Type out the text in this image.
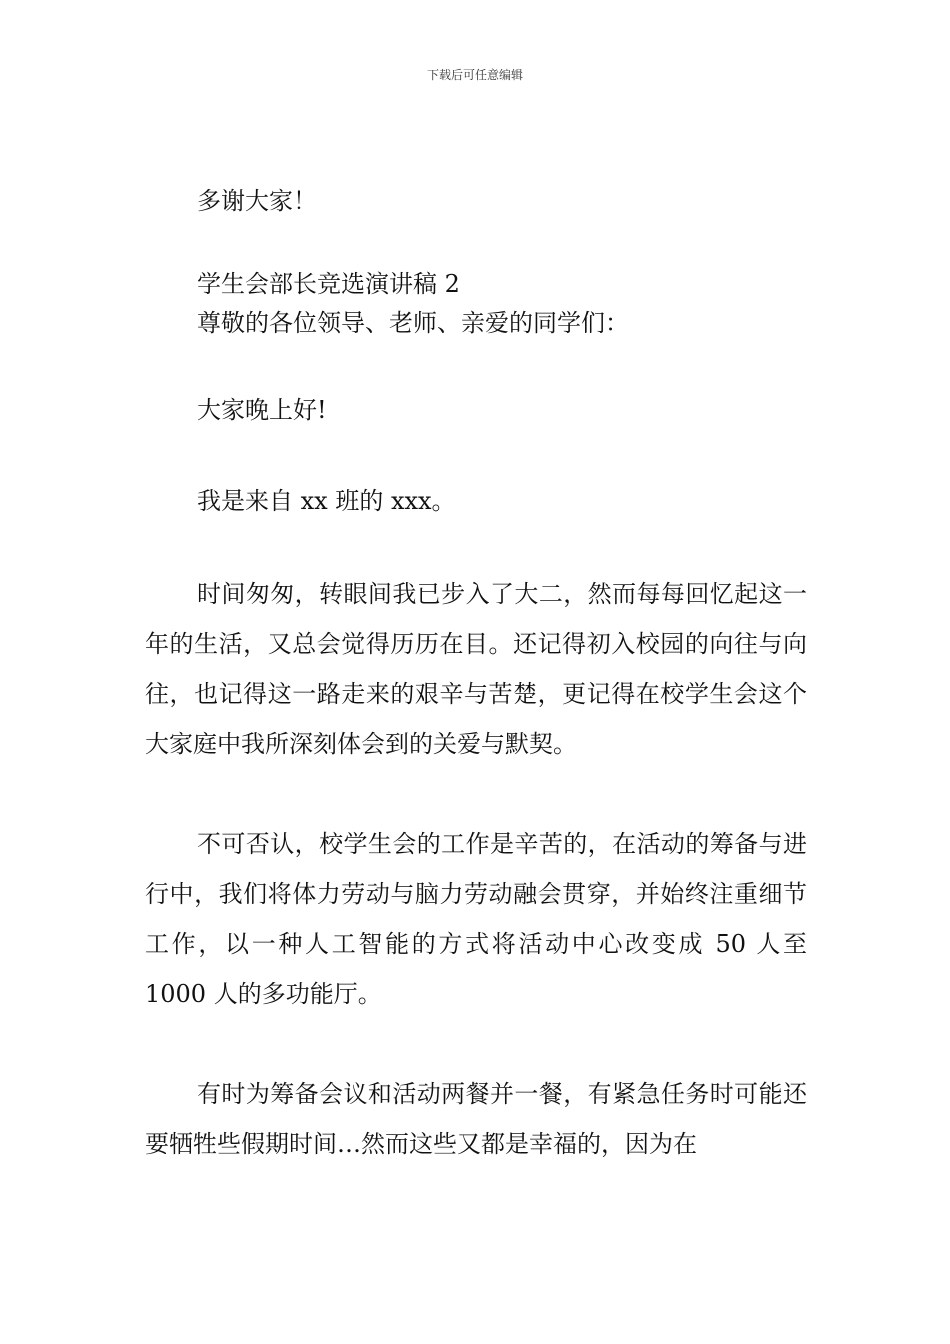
下载后可任意编辑
多谢大家！
学生会部长竞选演讲稿 2
尊敬的各位领导、老师、亲爱的同学们：
大家晚上好!
我是来自 xx 班的 xxx。
时间匆匆，转眼间我已步入了大二，然而每每回忆起这一年的生活，又总会觉得历历在目。还记得初入校园的向往与向往，也记得这一路走来的艰辛与苦楚，更记得在校学生会这个大家庭中我所深刻体会到的关爱与默契。
不可否认，校学生会的工作是辛苦的，在活动的筹备与进行中，我们将体力劳动与脑力劳动融会贯穿，并始终注重细节工作，以一种人工智能的方式将活动中心改变成 50 人至 1000 人的多功能厅。
有时为筹备会议和活动两餐并一餐，有紧急任务时可能还要牺牲些假期时间…然而这些又都是幸福的，因为在
